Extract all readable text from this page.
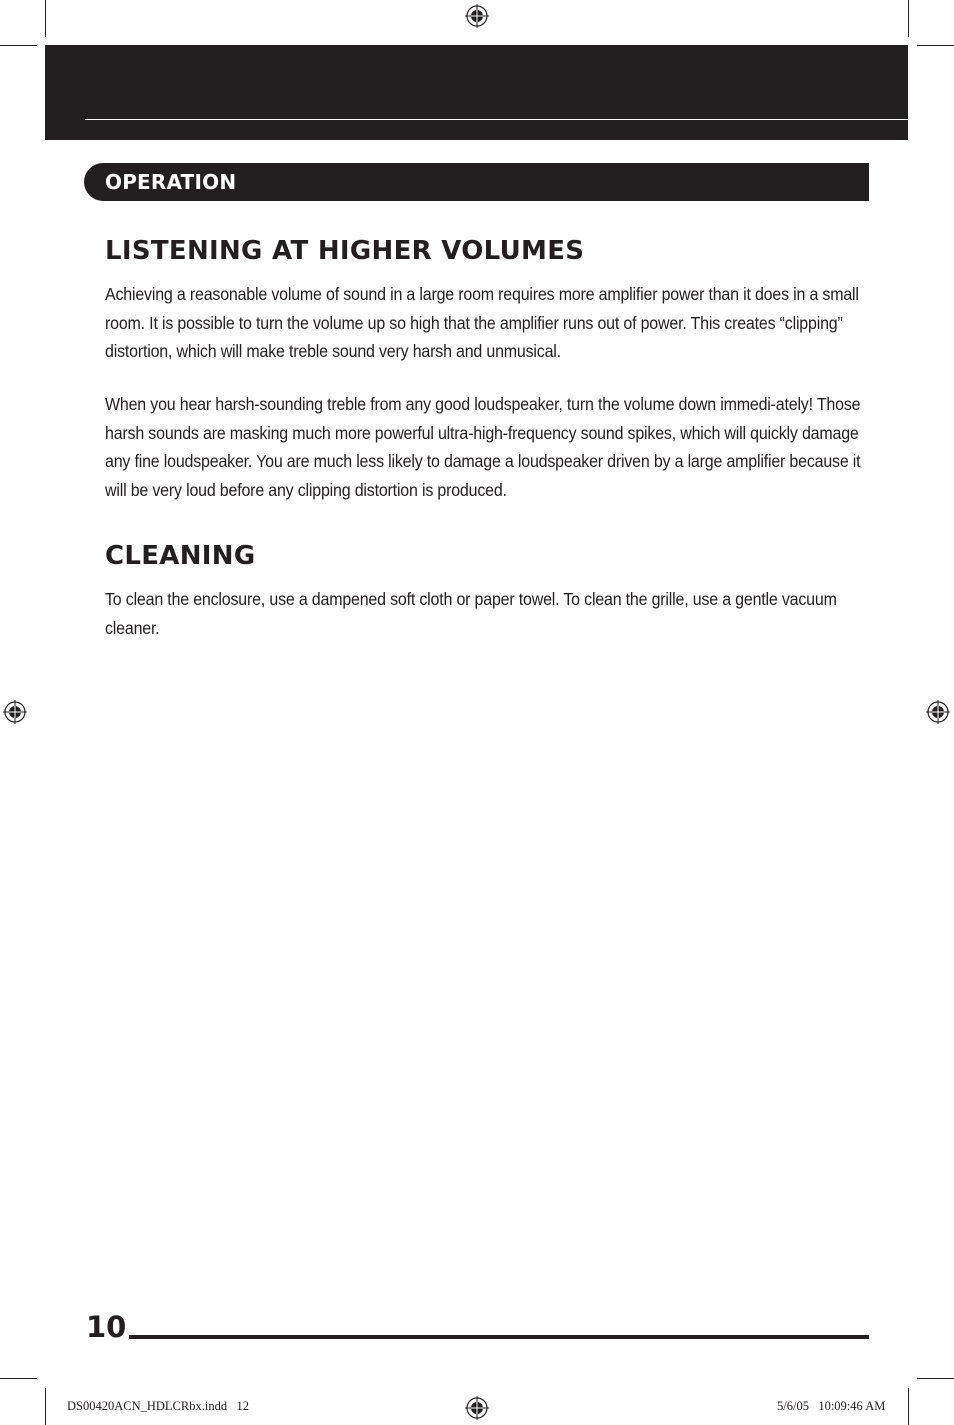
OPERATION
LISTENING AT HIGHER VOLUMES
Achieving a reasonable volume of sound in a large room requires more amplifier power than it does in a small room. It is possible to turn the volume up so high that the amplifier runs out of power. This creates “clipping” distortion, which will make treble sound very harsh and unmusical.
When you hear harsh-sounding treble from any good loudspeaker, turn the volume down immedi-ately! Those harsh sounds are masking much more powerful ultra-high-frequency sound spikes, which will quickly damage any fine loudspeaker. You are much less likely to damage a loudspeaker driven by a large amplifier because it will be very loud before any clipping distortion is produced.
CLEANING
To clean the enclosure, use a dampened soft cloth or paper towel. To clean the grille, use a gentle vacuum cleaner.
10
DS00420ACN_HDLCRbx.indd   12	5/6/05   10:09:46 AM
